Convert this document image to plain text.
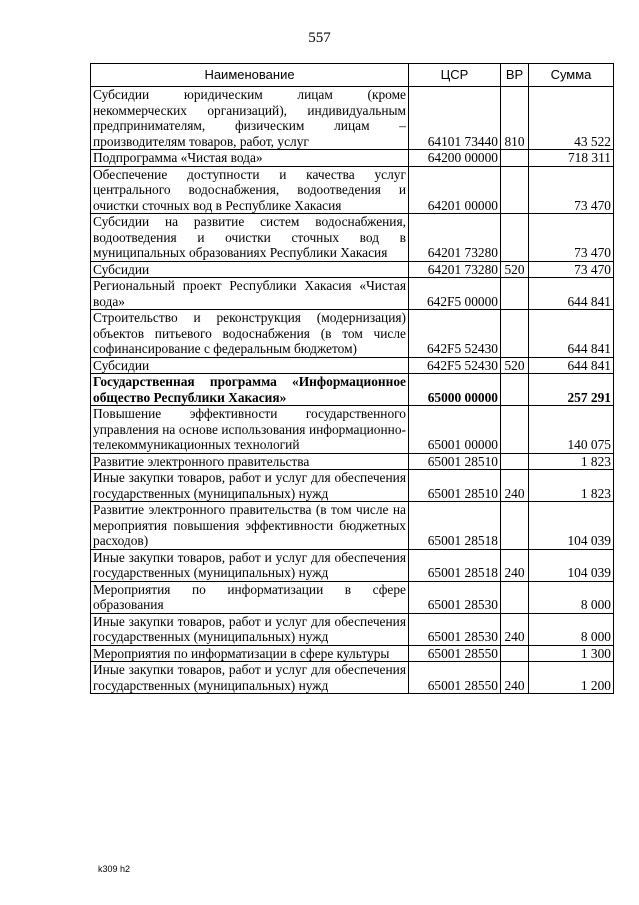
557
Наименование	ЦСР	ВР	Сумма
Субсидии юридическим лицам (кроме некоммерческих организаций), индивидуальным предпринимателям, физическим лицам – производителям товаров, работ, услуг	64101 73440	810	43 522
Подпрограмма «Чистая вода»	64200 00000		718 311
Обеспечение доступности и качества услуг центрального водоснабжения, водоотведения и очистки сточных вод в Республике Хакасия	64201 00000		73 470
Субсидии на развитие систем водоснабжения, водоотведения и очистки сточных вод в муниципальных образованиях Республики Хакасия	64201 73280		73 470
Субсидии	64201 73280	520	73 470
Региональный проект Республики Хакасия «Чистая вода»	642F5 00000		644 841
Строительство и реконструкция (модернизация) объектов питьевого водоснабжения (в том числе софинансирование с федеральным бюджетом)	642F5 52430		644 841
Субсидии	642F5 52430	520	644 841
Государственная программа «Информационное общество Республики Хакасия»	65000 00000		257 291
Повышение эффективности государственного управления на основе использования информационно-телекоммуникационных технологий	65001 00000		140 075
Развитие электронного правительства	65001 28510		1 823
Иные закупки товаров, работ и услуг для обеспечения государственных (муниципальных) нужд	65001 28510	240	1 823
Развитие электронного правительства (в том числе на мероприятия повышения эффективности бюджетных расходов)	65001 28518		104 039
Иные закупки товаров, работ и услуг для обеспечения государственных (муниципальных) нужд	65001 28518	240	104 039
Мероприятия по информатизации в сфере образования	65001 28530		8 000
Иные закупки товаров, работ и услуг для обеспечения государственных (муниципальных) нужд	65001 28530	240	8 000
Мероприятия по информатизации в сфере культуры	65001 28550		1 300
Иные закупки товаров, работ и услуг для обеспечения государственных (муниципальных) нужд	65001 28550	240	1 200
k309 h2
